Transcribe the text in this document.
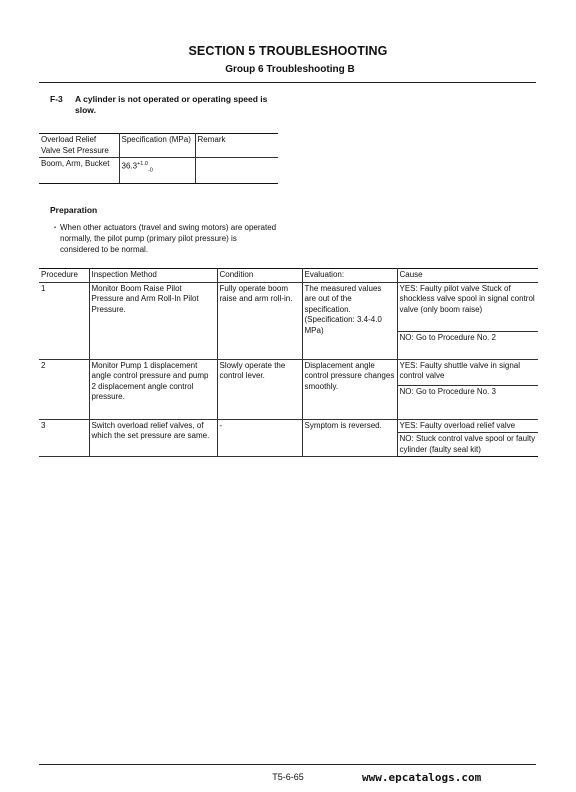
SECTION 5 TROUBLESHOOTING
Group 6 Troubleshooting B
F-3 A cylinder is not operated or operating speed is slow.
Overload Relief Valve Set Pressure	Specification (MPa)	Remark
Boom, Arm, Bucket	$36.3^{+1.0}_{-0}$	
Preparation
・ When other actuators (travel and swing motors) are operated normally, the pilot pump (primary pilot pressure) is considered to be normal.
Procedure	Inspection Method	Condition	Evaluation:	Cause
1	Monitor Boom Raise Pilot Pressure and Arm Roll-In Pilot Pressure.	Fully operate boom raise and arm roll-in.	The measured values are out of the specification. (Specification: 3.4-4.0 MPa)	YES: Faulty pilot valve Stuck of shockless valve spool in signal control valve (only boom raise)
				NO: Go to Procedure No. 2
2	Monitor Pump 1 displacement angle control pressure and pump 2 displacement angle control pressure.	Slowly operate the control lever.	Displacement angle control pressure changes smoothly.	YES: Faulty shuttle valve in signal control valve
				NO: Go to Procedure No. 3
3	Switch overload relief valves, of which the set pressure are same.	-	Symptom is reversed.	YES: Faulty overload relief valve
				NO: Stuck control valve spool or faulty cylinder (faulty seal kit)
T5-6-65	www.epcatalogs.com
